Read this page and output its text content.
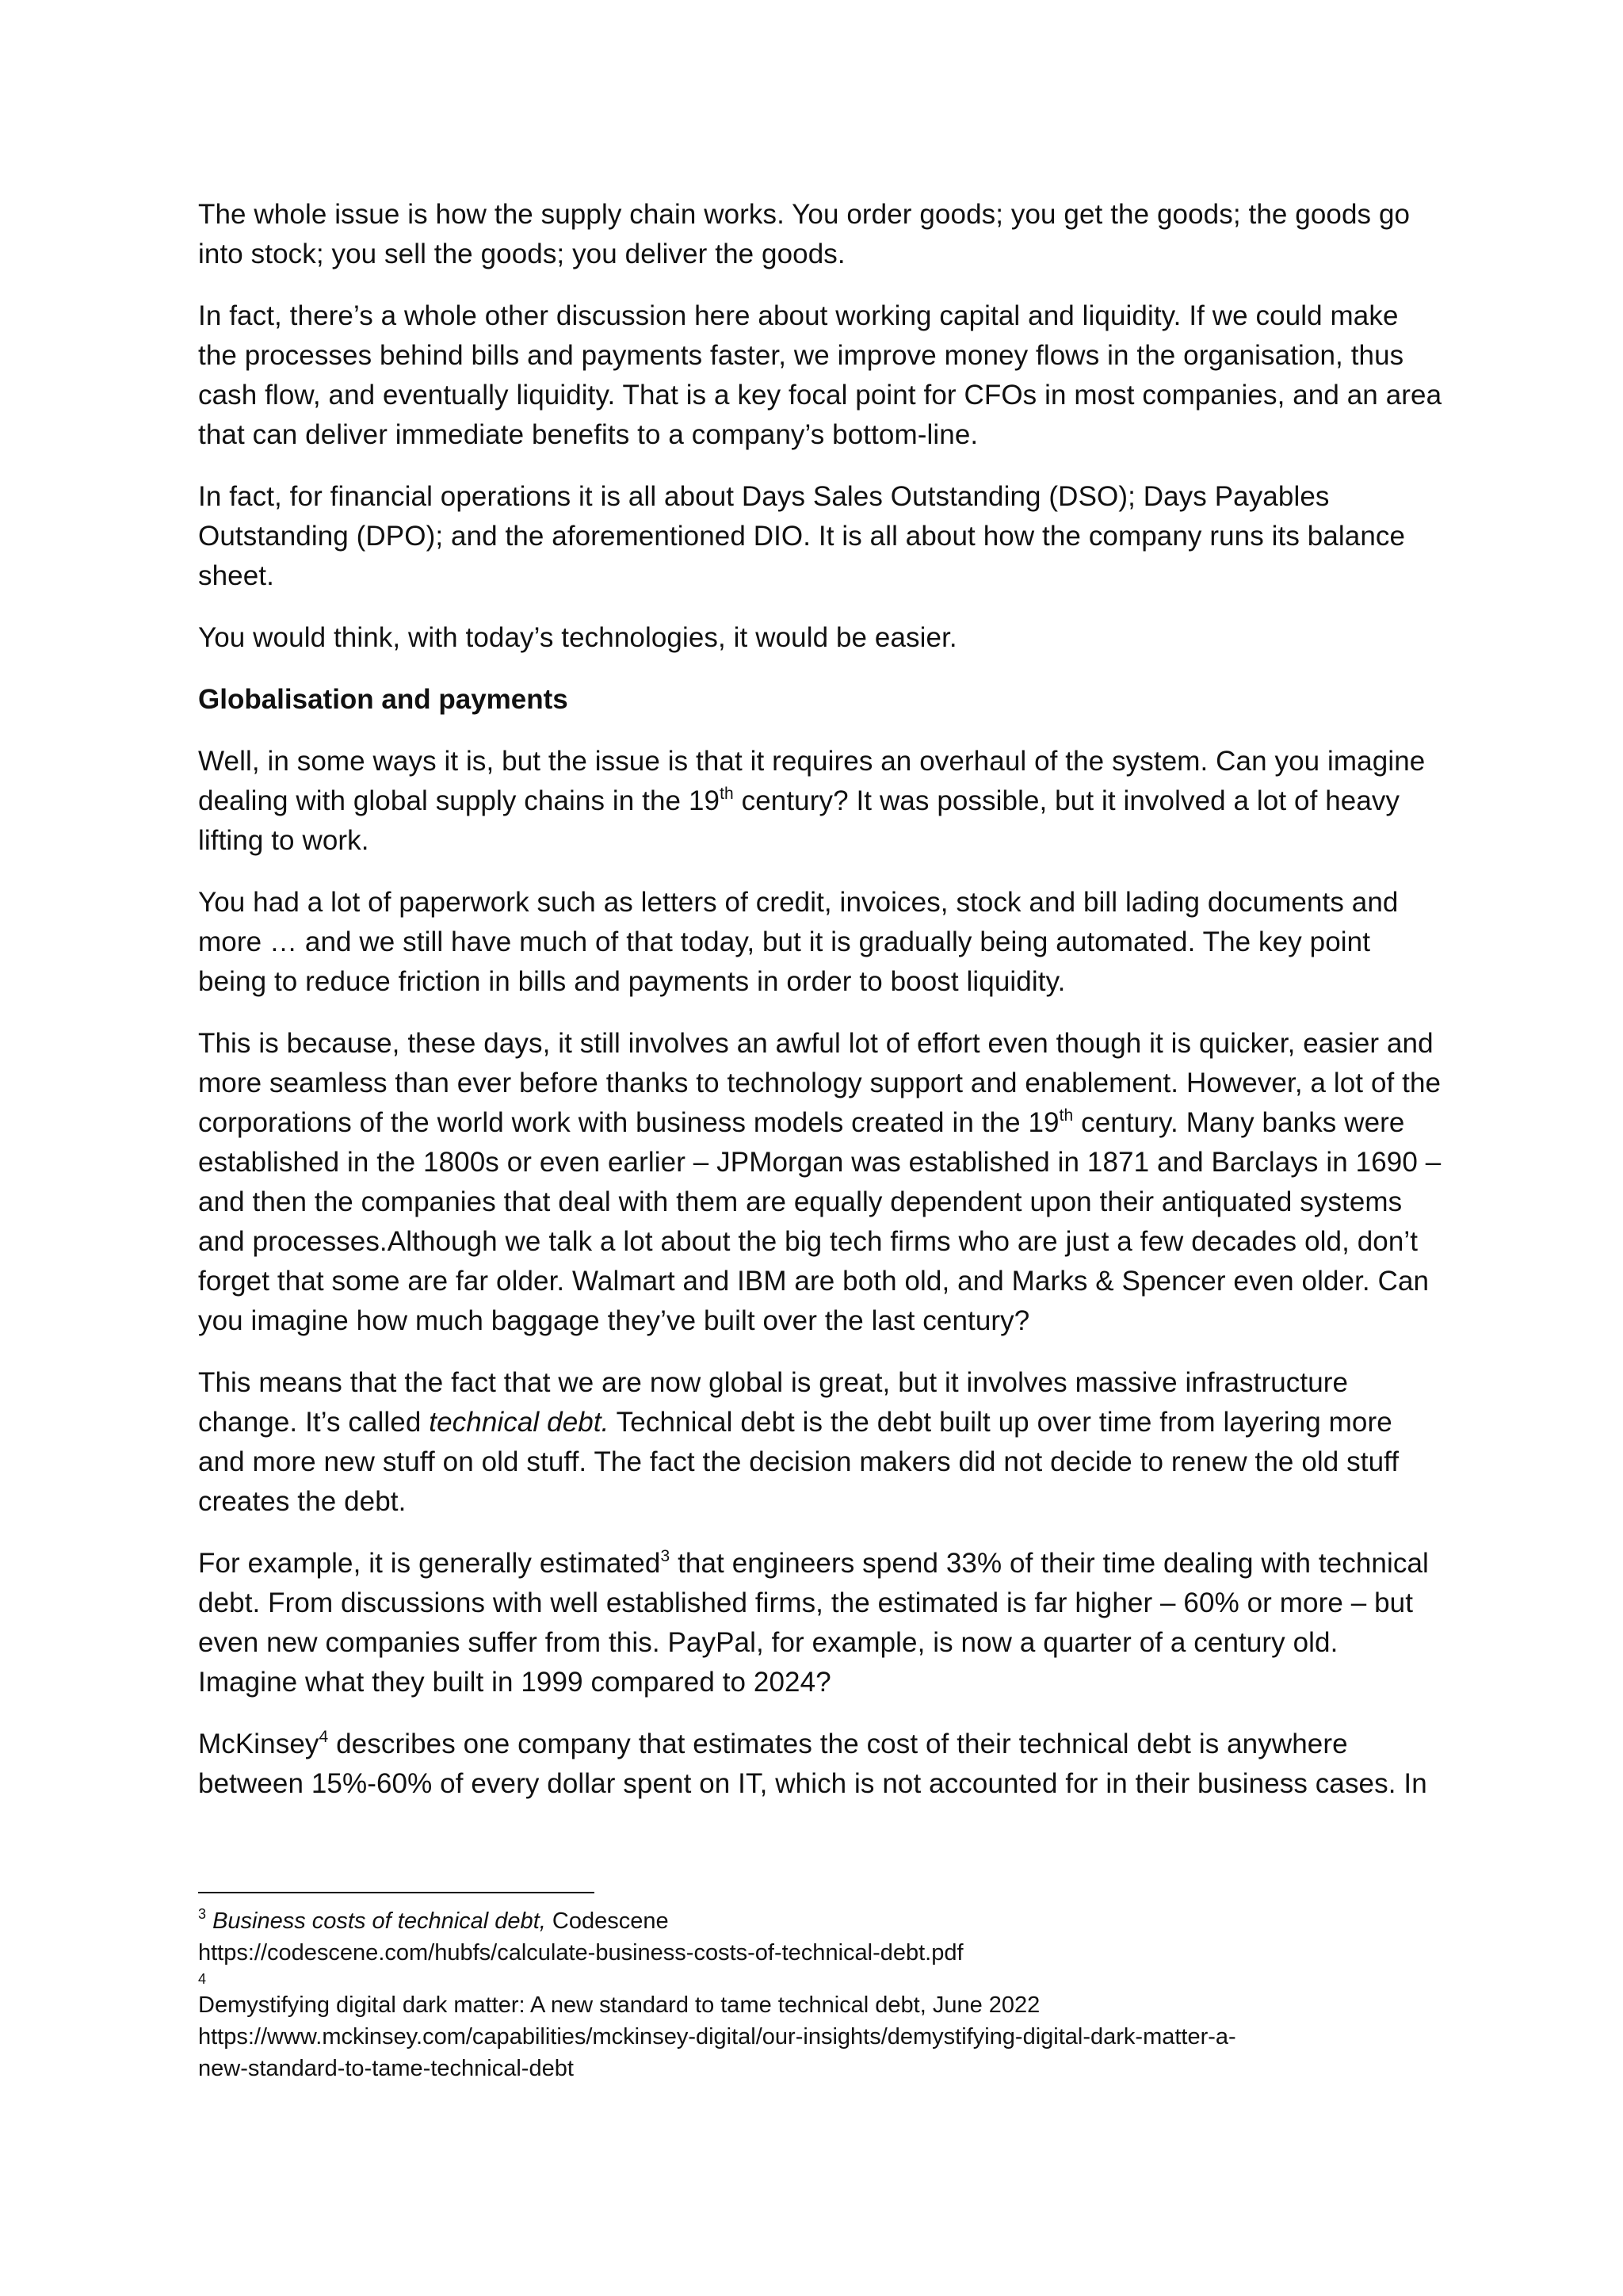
The whole issue is how the supply chain works. You order goods; you get the goods; the goods go into stock; you sell the goods; you deliver the goods.

In fact, there’s a whole other discussion here about working capital and liquidity. If we could make the processes behind bills and payments faster, we improve money flows in the organisation, thus cash flow, and eventually liquidity. That is a key focal point for CFOs in most companies, and an area that can deliver immediate benefits to a company’s bottom-line.

In fact, for financial operations it is all about Days Sales Outstanding (DSO); Days Payables Outstanding (DPO); and the aforementioned DIO. It is all about how the company runs its balance sheet.

You would think, with today’s technologies, it would be easier.

Globalisation and payments

Well, in some ways it is, but the issue is that it requires an overhaul of the system. Can you imagine dealing with global supply chains in the 19th century? It was possible, but it involved a lot of heavy lifting to work.

You had a lot of paperwork such as letters of credit, invoices, stock and bill lading documents and more … and we still have much of that today, but it is gradually being automated. The key point being to reduce friction in bills and payments in order to boost liquidity.

This is because, these days, it still involves an awful lot of effort even though it is quicker, easier and more seamless than ever before thanks to technology support and enablement. However, a lot of the corporations of the world work with business models created in the 19th century. Many banks were established in the 1800s or even earlier – JPMorgan was established in 1871 and Barclays in 1690 – and then the companies that deal with them are equally dependent upon their antiquated systems and processes.Although we talk a lot about the big tech firms who are just a few decades old, don’t forget that some are far older. Walmart and IBM are both old, and Marks & Spencer even older. Can you imagine how much baggage they’ve built over the last century?

This means that the fact that we are now global is great, but it involves massive infrastructure change. It’s called technical debt. Technical debt is the debt built up over time from layering more and more new stuff on old stuff. The fact the decision makers did not decide to renew the old stuff creates the debt.

For example, it is generally estimated$^3$ that engineers spend 33% of their time dealing with technical debt. From discussions with well established firms, the estimated is far higher – 60% or more – but even new companies suffer from this. PayPal, for example, is now a quarter of a century old. Imagine what they built in 1999 compared to 2024?

McKinsey$^4$ describes one company that estimates the cost of their technical debt is anywhere between 15%-60% of every dollar spent on IT, which is not accounted for in their business cases. In

$^3$ Business costs of technical debt, Codescene

https://codescene.com/hubfs/calculate-business-costs-of-technical-debt.pdf

4

Demystifying digital dark matter: A new standard to tame technical debt, June 2022

https://www.mckinsey.com/capabilities/mckinsey-digital/our-insights/demystifying-digital-dark-matter-a-

new-standard-to-tame-technical-debt
